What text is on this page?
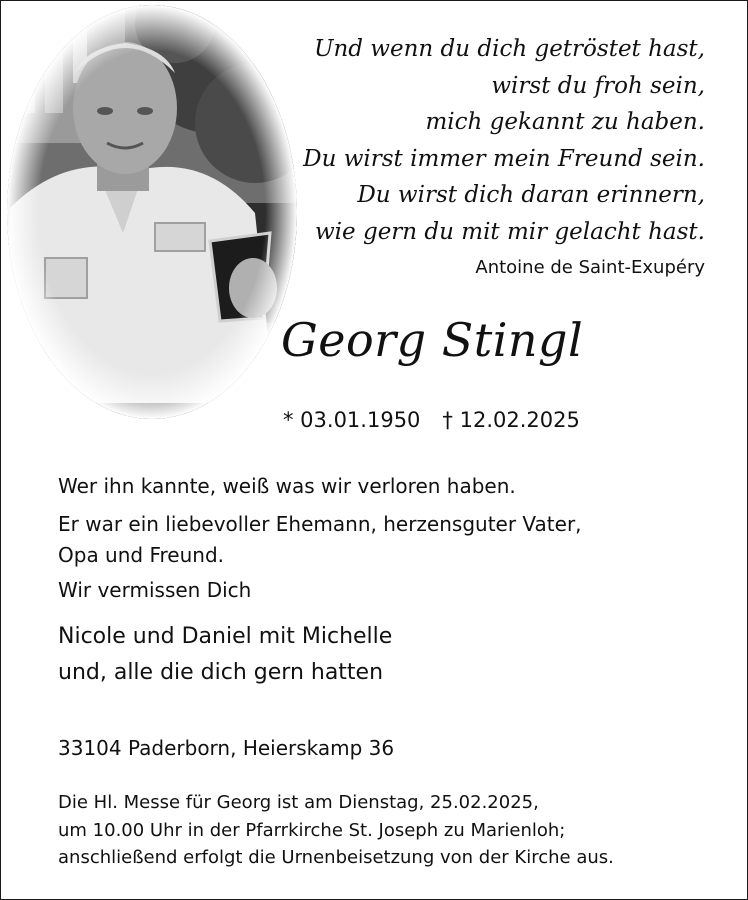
Und wenn du dich getröstet hast,
wirst du froh sein,
mich gekannt zu haben.
Du wirst immer mein Freund sein.
Du wirst dich daran erinnern,
wie gern du mit mir gelacht hast.
Antoine de Saint-Exupéry
Georg Stingl
* 03.01.1950 † 12.02.2025
Wer ihn kannte, weiß was wir verloren haben.
Er war ein liebevoller Ehemann, herzensguter Vater,
Opa und Freund.
Wir vermissen Dich
Nicole und Daniel mit Michelle
und, alle die dich gern hatten
33104 Paderborn, Heierskamp 36
Die Hl. Messe für Georg ist am Dienstag, 25.02.2025,
um 10.00 Uhr in der Pfarrkirche St. Joseph zu Marienloh;
anschließend erfolgt die Urnenbeisetzung von der Kirche aus.
